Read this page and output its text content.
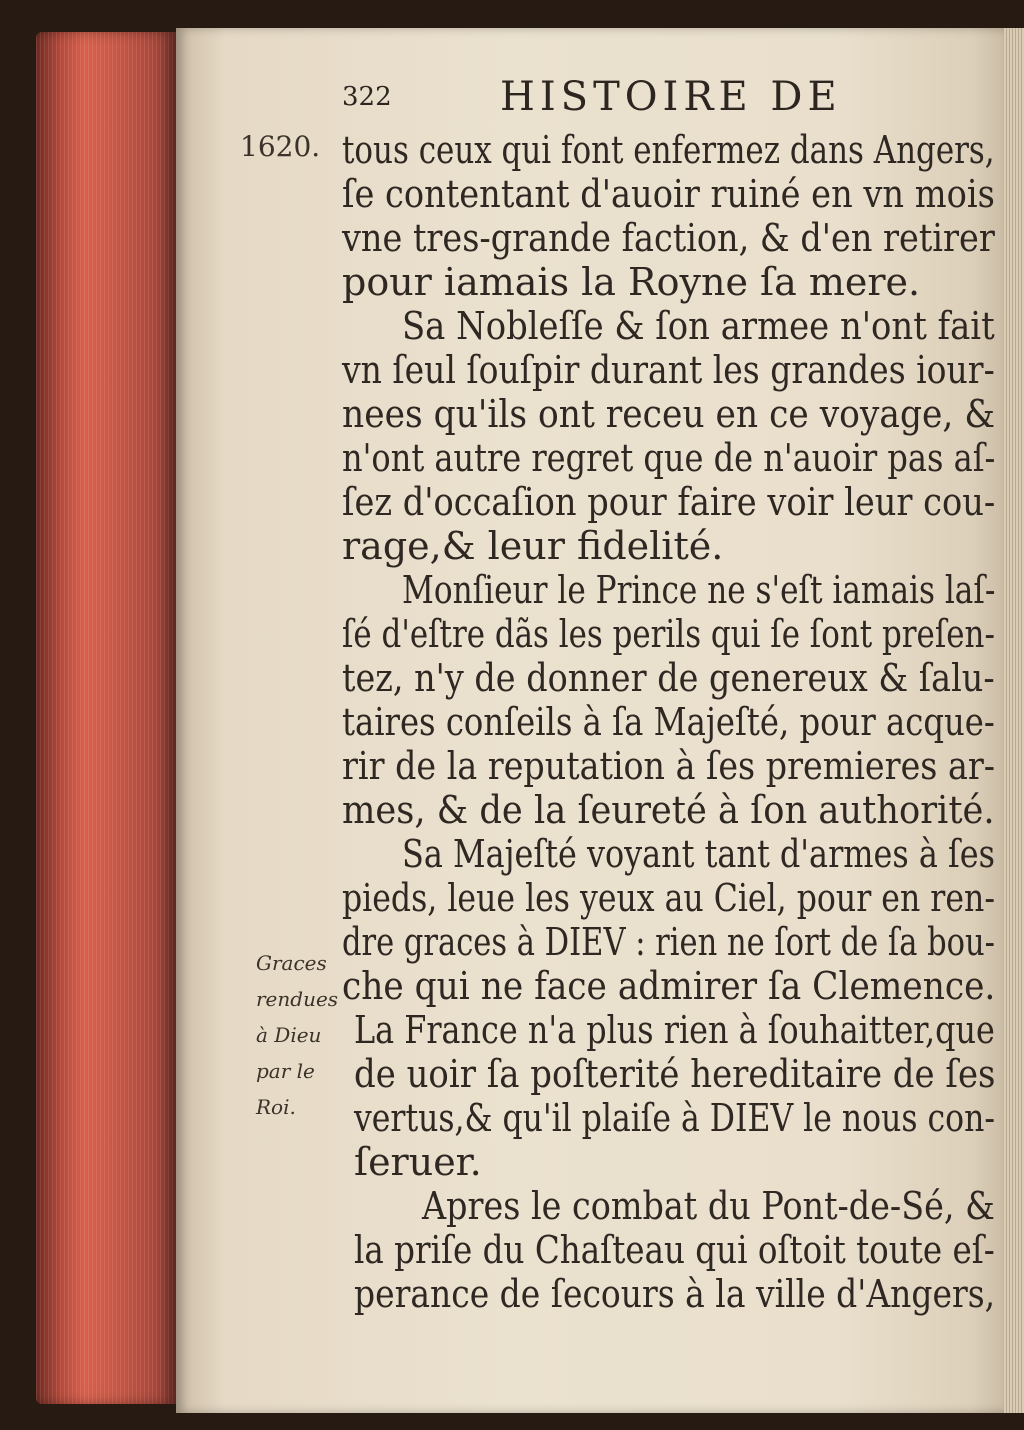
322	HISTOIRE DE
1620. tous ceux qui font enfermez dans Angers,
ſe contentant d'auoir ruiné en vn mois
vne tres-grande faction, & d'en retirer
pour iamais la Royne ſa mere.
Sa Nobleſſe & ſon armee n'ont fait
vn ſeul ſouſpir durant les grandes iour-
nees qu'ils ont receu en ce voyage, &
n'ont autre regret que de n'auoir pas aſ-
ſez d'occaſion pour faire voir leur cou-
rage,& leur fidelité.
Monſieur le Prince ne s'eſt iamais laſ-
ſé d'eſtre dãs les perils qui ſe ſont preſen-
tez, n'y de donner de genereux & ſalu-
taires conſeils à ſa Majeſté, pour acque-
rir de la reputation à ſes premieres ar-
mes, & de la ſeureté à ſon authorité.
Sa Majeſté voyant tant d'armes à ſes
pieds, leue les yeux au Ciel, pour en ren-
dre graces à DIEV : rien ne ſort de ſa bou-
che qui ne face admirer ſa Clemence.
La France n'a plus rien à ſouhaitter,que
de uoir ſa poſterité hereditaire de ſes
vertus,& qu'il plaiſe à DIEV le nous con-
ſeruer.
Apres le combat du Pont-de-Sé, &
la priſe du Chaſteau qui oſtoit toute eſ-
perance de ſecours à la ville d'Angers,
Graces
rendues
à Dieu
par le
Roi.
